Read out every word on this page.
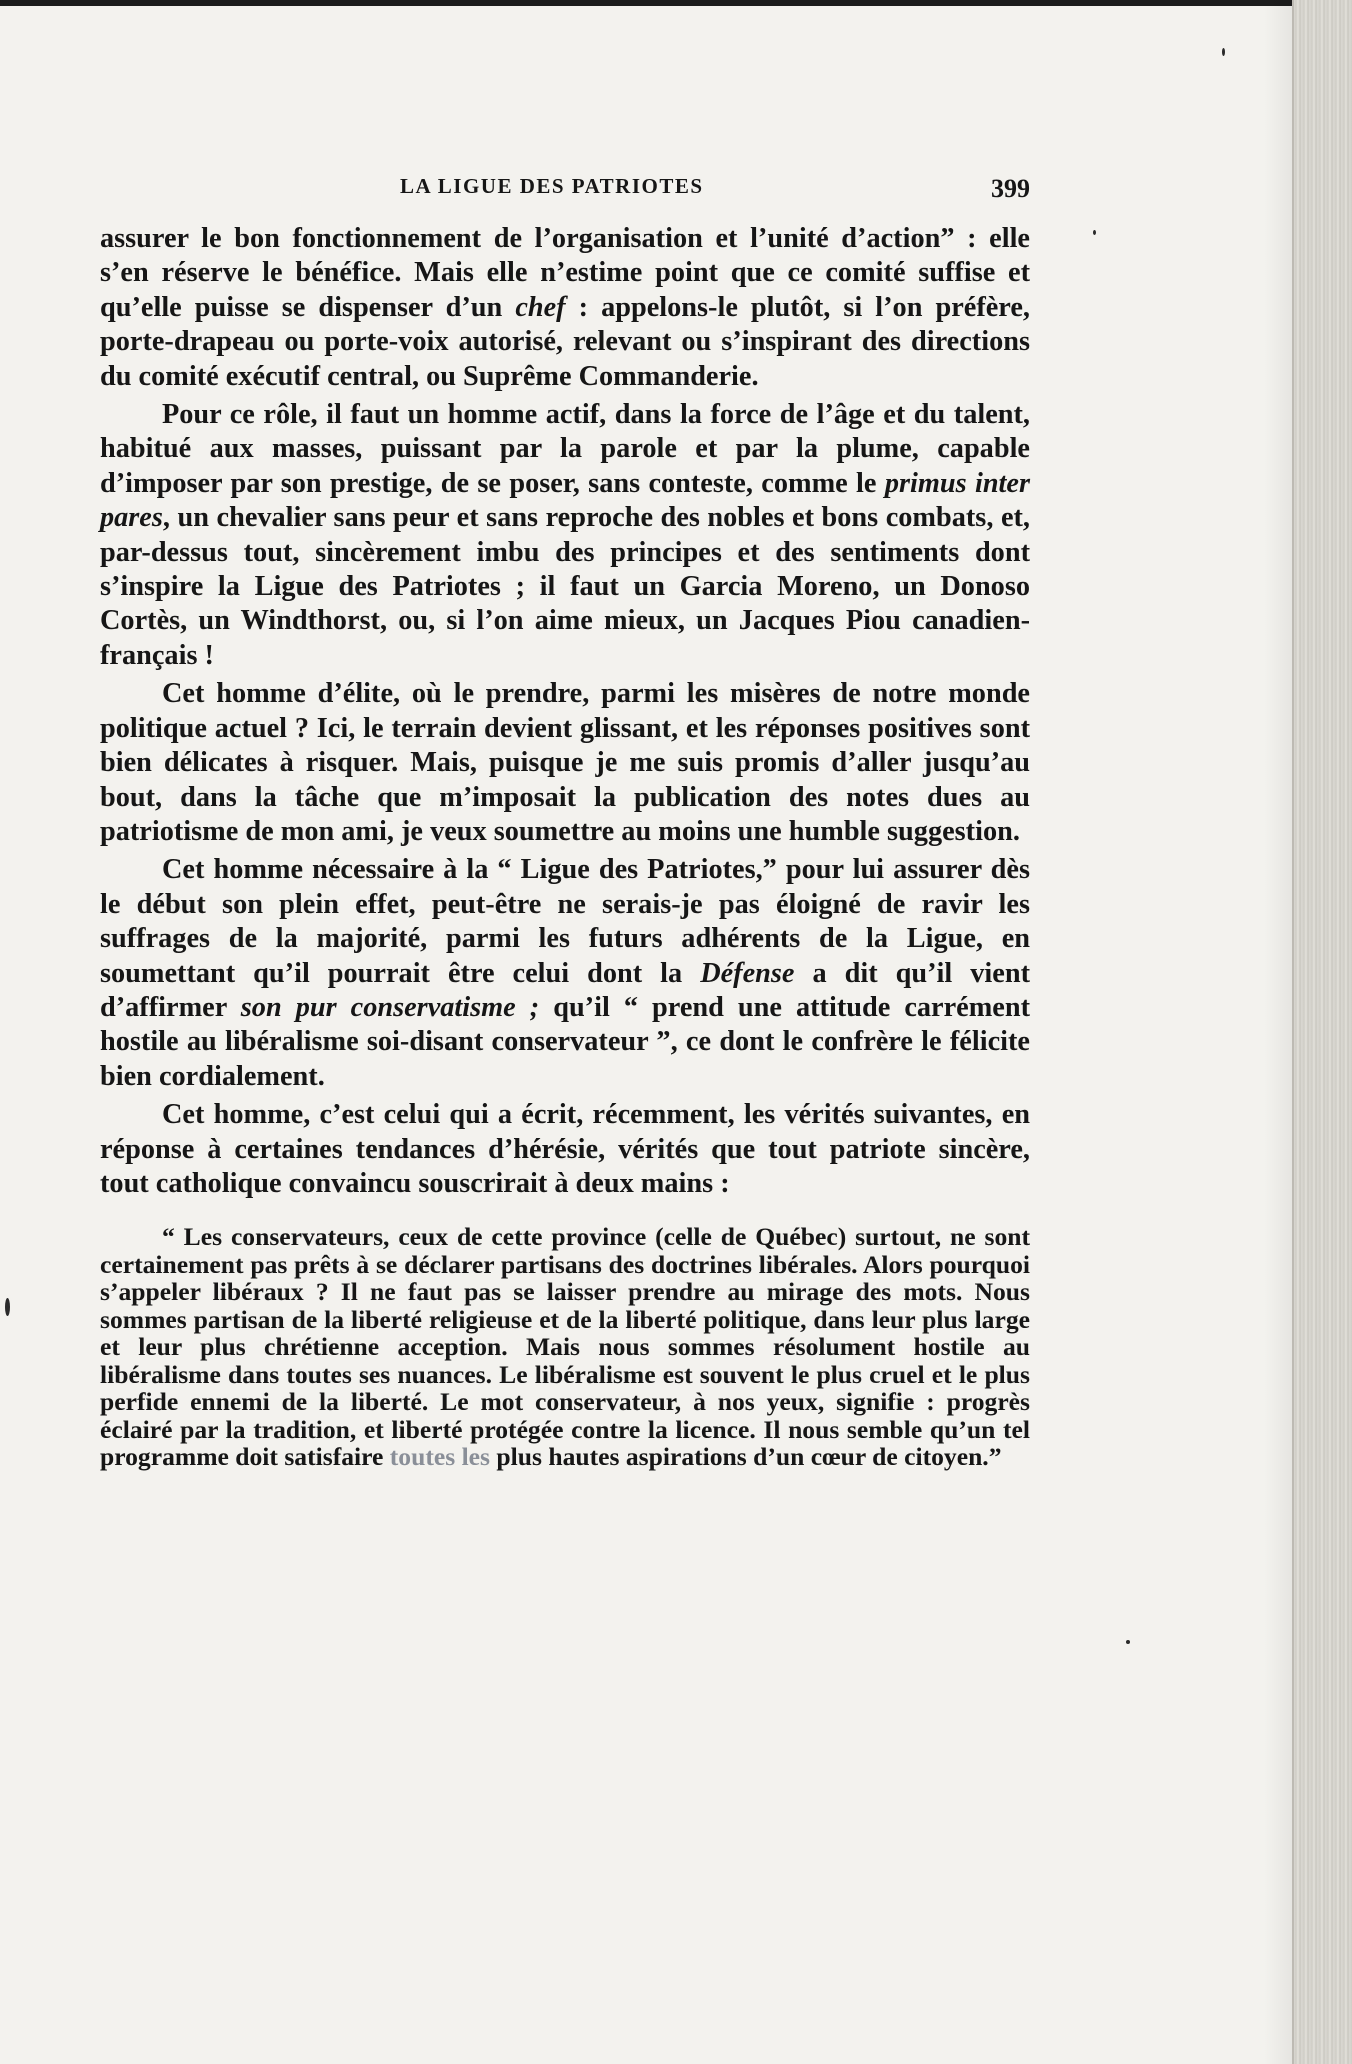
LA LIGUE DES PATRIOTES	399

assurer le bon fonctionnement de l’organisation et l’unité d’action” : elle s’en réserve le bénéfice. Mais elle n’estime point que ce comité suffise et qu’elle puisse se dispenser d’un chef : appelons-le plutôt, si l’on préfère, porte-drapeau ou porte-voix autorisé, relevant ou s’inspirant des directions du comité exécutif central, ou Suprême Commanderie.

Pour ce rôle, il faut un homme actif, dans la force de l’âge et du talent, habitué aux masses, puissant par la parole et par la plume, capable d’imposer par son prestige, de se poser, sans conteste, comme le primus inter pares, un chevalier sans peur et sans reproche des nobles et bons combats, et, par-dessus tout, sincèrement imbu des principes et des sentiments dont s’inspire la Ligue des Patriotes ; il faut un Garcia Moreno, un Donoso Cortès, un Windthorst, ou, si l’on aime mieux, un Jacques Piou canadien-français !

Cet homme d’élite, où le prendre, parmi les misères de notre monde politique actuel ? Ici, le terrain devient glissant, et les réponses positives sont bien délicates à risquer. Mais, puisque je me suis promis d’aller jusqu’au bout, dans la tâche que m’imposait la publication des notes dues au patriotisme de mon ami, je veux soumettre au moins une humble suggestion.

Cet homme nécessaire à la “ Ligue des Patriotes,” pour lui assurer dès le début son plein effet, peut-être ne serais-je pas éloigné de ravir les suffrages de la majorité, parmi les futurs adhérents de la Ligue, en soumettant qu’il pourrait être celui dont la Défense a dit qu’il vient d’affirmer son pur conservatisme ; qu’il “ prend une attitude carrément hostile au libéralisme soi-disant conservateur ”, ce dont le confrère le félicite bien cordialement.

Cet homme, c’est celui qui a écrit, récemment, les vérités suivantes, en réponse à certaines tendances d’hérésie, vérités que tout patriote sincère, tout catholique convaincu souscrirait à deux mains :

“ Les conservateurs, ceux de cette province (celle de Québec) surtout, ne sont certainement pas prêts à se déclarer partisans des doctrines libérales. Alors pourquoi s’appeler libéraux ? Il ne faut pas se laisser prendre au mirage des mots. Nous sommes partisan de la liberté religieuse et de la liberté politique, dans leur plus large et leur plus chrétienne acception. Mais nous sommes résolument hostile au libéralisme dans toutes ses nuances. Le libéralisme est souvent le plus cruel et le plus perfide ennemi de la liberté. Le mot conservateur, à nos yeux, signifie : progrès éclairé par la tradition, et liberté protégée contre la licence. Il nous semble qu’un tel programme doit satisfaire toutes les plus hautes aspirations d’un cœur de citoyen.”
